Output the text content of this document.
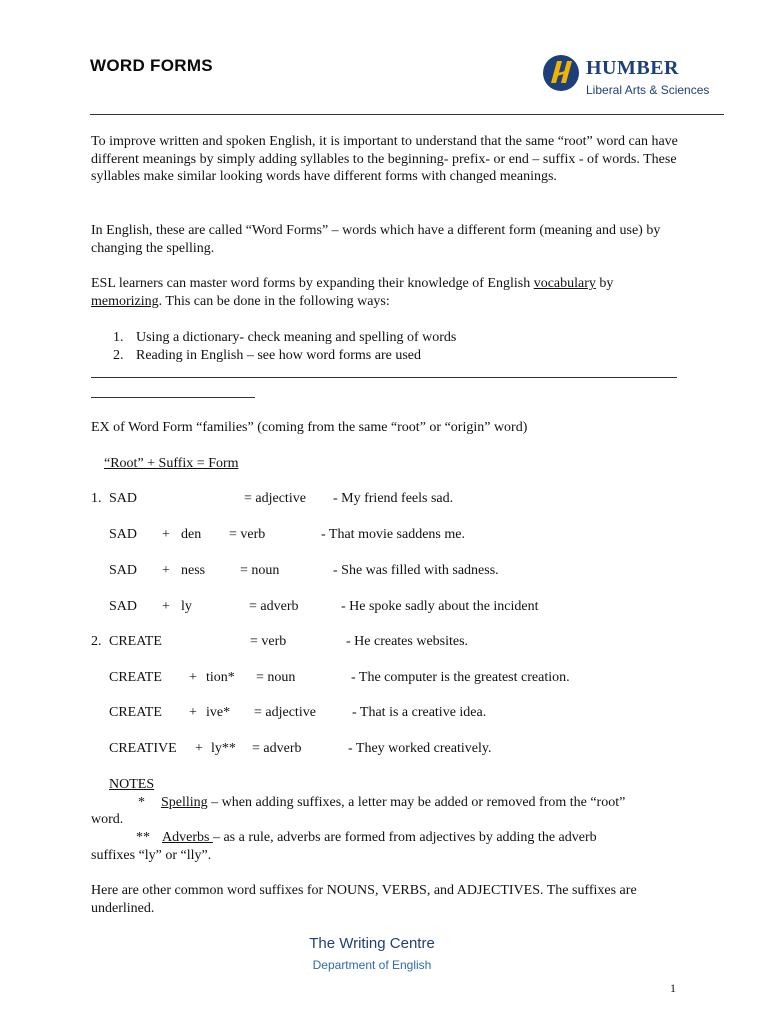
WORD FORMS	HUMBER
Liberal Arts & Sciences
To improve written and spoken English, it is important to understand that the same “root” word can have different meanings by simply adding syllables to the beginning- prefix- or end – suffix - of words. These syllables make similar looking words have different forms with changed meanings.
In English, these are called “Word Forms” – words which have a different form (meaning and use) by changing the spelling.
ESL learners can master word forms by expanding their knowledge of English vocabulary by memorizing. This can be done in the following ways:
1. Using a dictionary- check meaning and spelling of words
2. Reading in English – see how word forms are used
EX of Word Form “families” (coming from the same “root” or “origin” word)
“Root” + Suffix = Form
1. SAD	= adjective - My friend feels sad.
SAD + den = verb	- That movie saddens me.
SAD + ness = noun	- She was filled with sadness.
SAD + ly	= adverb	- He spoke sadly about the incident
2. CREATE	= verb	- He creates websites.
CREATE + tion* = noun	- The computer is the greatest creation.
CREATE + ive* = adjective	- That is a creative idea.
CREATIVE + ly** = adverb	- They worked creatively.
NOTES
* Spelling – when adding suffixes, a letter may be added or removed from the “root”
word.
** Adverbs – as a rule, adverbs are formed from adjectives by adding the adverb
suffixes “ly” or “lly”.
Here are other common word suffixes for NOUNS, VERBS, and ADJECTIVES. The suffixes are underlined.
The Writing Centre
Department of English
1
